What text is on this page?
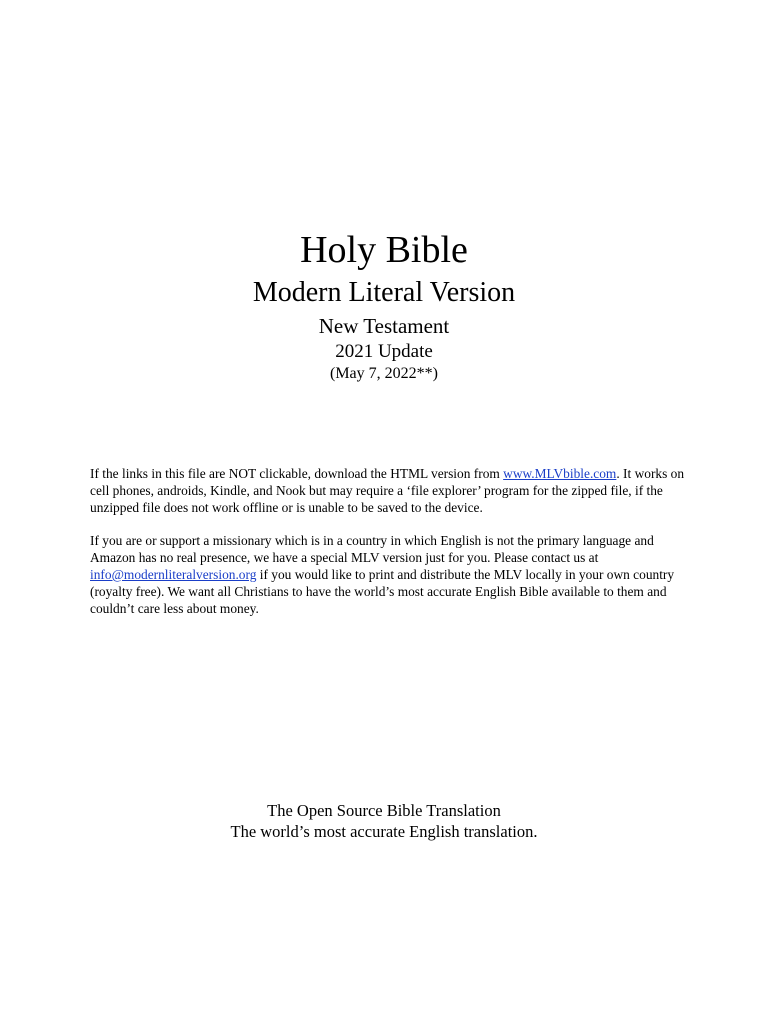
Holy Bible
Modern Literal Version
New Testament
2021 Update
(May 7, 2022**)

If the links in this file are NOT clickable, download the HTML version from www.MLVbible.com. It works on cell phones, androids, Kindle, and Nook but may require a ‘file explorer’ program for the zipped file, if the unzipped file does not work offline or is unable to be saved to the device.

If you are or support a missionary which is in a country in which English is not the primary language and Amazon has no real presence, we have a special MLV version just for you. Please contact us at info@modernliteralversion.org if you would like to print and distribute the MLV locally in your own country (royalty free). We want all Christians to have the world’s most accurate English Bible available to them and couldn’t care less about money.

The Open Source Bible Translation
The world’s most accurate English translation.
